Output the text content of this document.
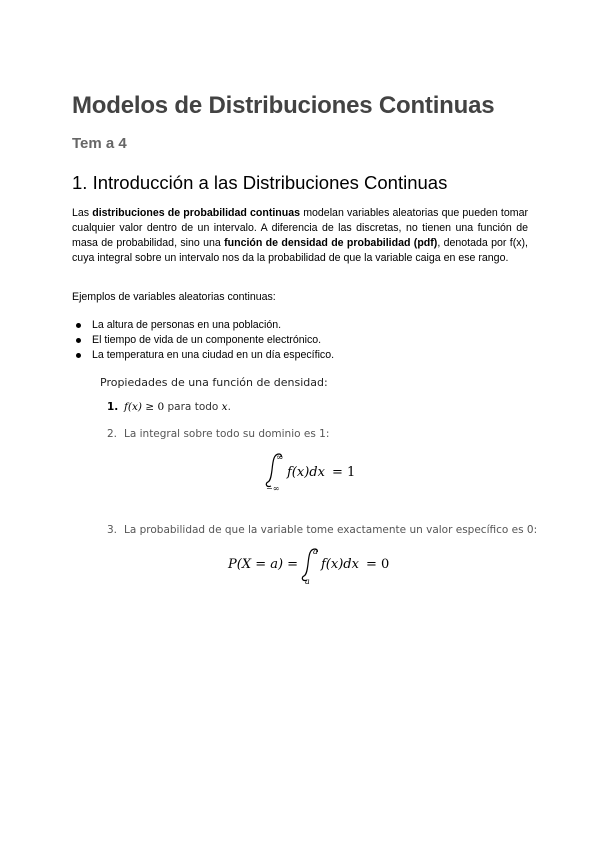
Modelos de Distribuciones Continuas
Tem a 4
1. Introducción a las Distribuciones Continuas
Las distribuciones de probabilidad continuas modelan variables aleatorias que pueden tomar cualquier valor dentro de un intervalo. A diferencia de las discretas, no tienen una función de masa de probabilidad, sino una función de densidad de probabilidad (pdf), denotada por f(x), cuya integral sobre un intervalo nos da la probabilidad de que la variable caiga en ese rango.
Ejemplos de variables aleatorias continuas:
La altura de personas en una población.
El tiempo de vida de un componente electrónico.
La temperatura en una ciudad en un día específico.
Propiedades de una función de densidad:
1. f(x) ≥ 0 para todo x.
2. La integral sobre todo su dominio es 1:
∞
−∞
f(x)dx = 1
3. La probabilidad de que la variable tome exactamente un valor específico es 0:
P(X = a) =
a
a
f(x)dx = 0
